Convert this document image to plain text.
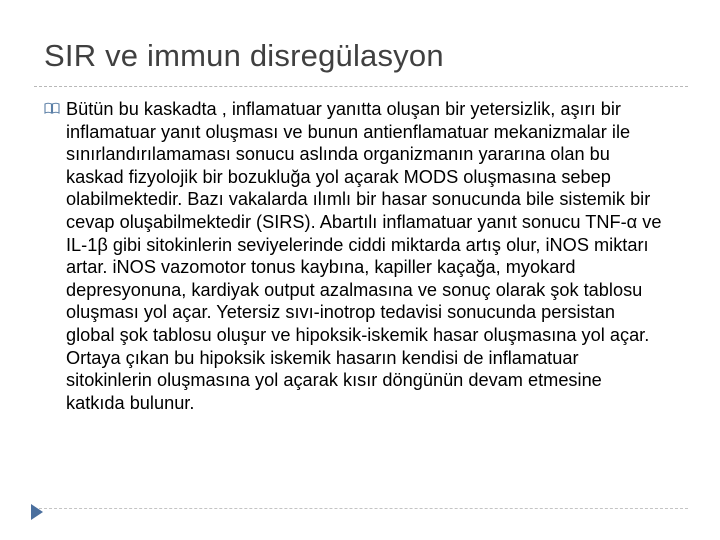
SIR ve immun disregülasyon

Bütün bu kaskadta , inflamatuar yanıtta oluşan bir yetersizlik, aşırı bir inflamatuar yanıt oluşması ve bunun antienflamatuar mekanizmalar ile sınırlandırılamaması sonucu aslında organizmanın yararına olan bu kaskad fizyolojik bir bozukluğa yol açarak MODS oluşmasına sebep olabilmektedir. Bazı vakalarda ılımlı bir hasar sonucunda bile sistemik bir cevap oluşabilmektedir (SIRS). Abartılı inflamatuar yanıt sonucu TNF-α ve IL-1β gibi sitokinlerin seviyelerinde ciddi miktarda artış olur, iNOS miktarı artar. iNOS vazomotor tonus kaybına, kapiller kaçağa, myokard depresyonuna, kardiyak output azalmasına ve sonuç olarak şok tablosu oluşması yol açar. Yetersiz sıvı-inotrop tedavisi sonucunda persistan global şok tablosu oluşur ve hipoksik-iskemik hasar oluşmasına yol açar. Ortaya çıkan bu hipoksik iskemik hasarın kendisi de inflamatuar sitokinlerin oluşmasına yol açarak kısır döngünün devam etmesine katkıda bulunur.
